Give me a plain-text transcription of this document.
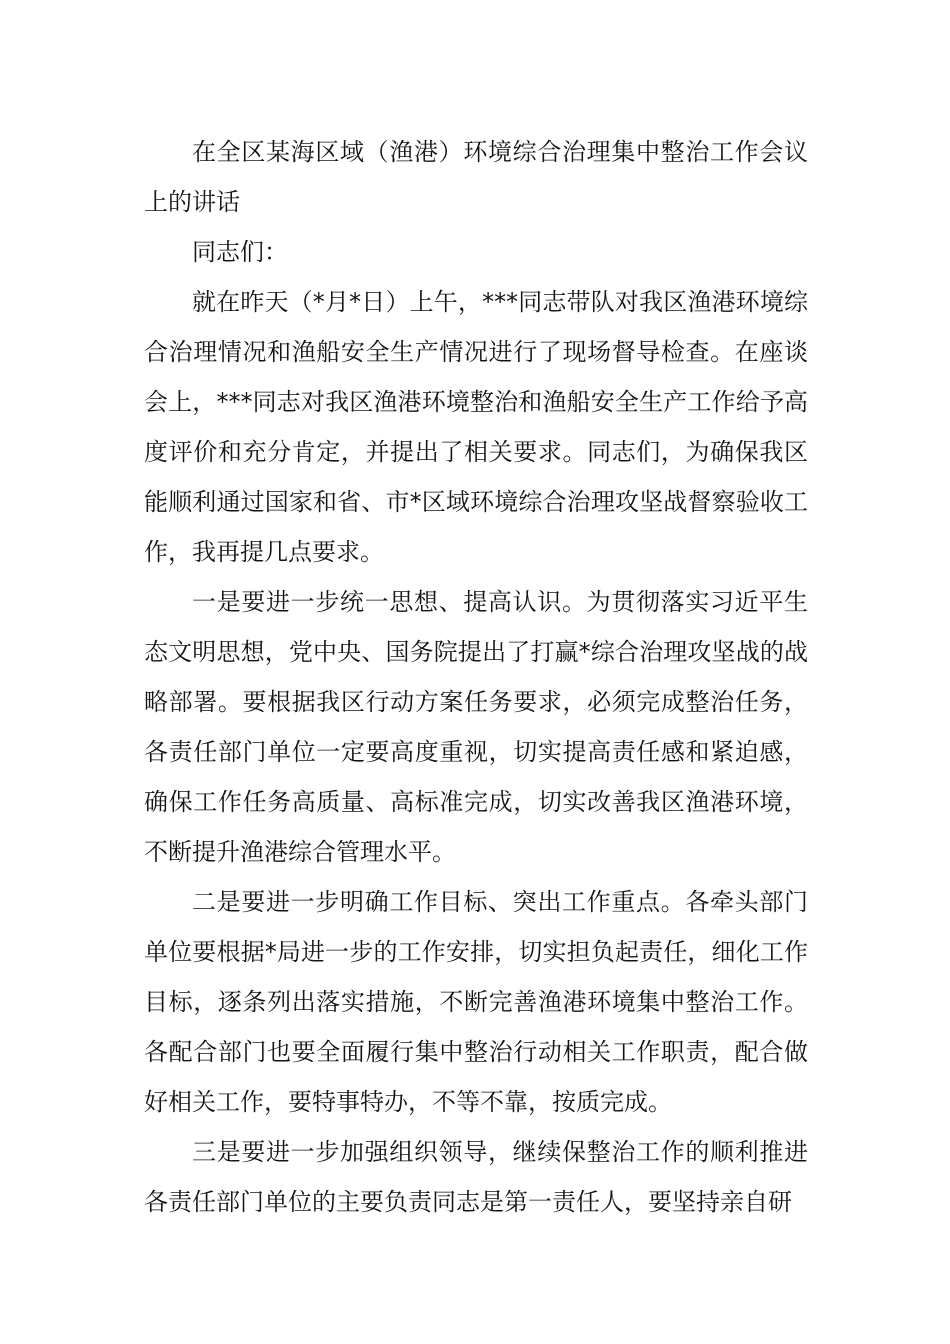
在全区某海区域（渔港）环境综合治理集中整治工作会议上的讲话

同志们：

就在昨天（*月*日）上午，***同志带队对我区渔港环境综合治理情况和渔船安全生产情况进行了现场督导检查。在座谈会上，***同志对我区渔港环境整治和渔船安全生产工作给予高度评价和充分肯定，并提出了相关要求。同志们，为确保我区能顺利通过国家和省、市*区域环境综合治理攻坚战督察验收工作，我再提几点要求。

一是要进一步统一思想、提高认识。为贯彻落实习近平生态文明思想，党中央、国务院提出了打赢*综合治理攻坚战的战略部署。要根据我区行动方案任务要求，必须完成整治任务，各责任部门单位一定要高度重视，切实提高责任感和紧迫感，确保工作任务高质量、高标准完成，切实改善我区渔港环境，不断提升渔港综合管理水平。

二是要进一步明确工作目标、突出工作重点。各牵头部门单位要根据*局进一步的工作安排，切实担负起责任，细化工作目标，逐条列出落实措施，不断完善渔港环境集中整治工作。各配合部门也要全面履行集中整治行动相关工作职责，配合做好相关工作，要特事特办，不等不靠，按质完成。

三是要进一步加强组织领导，继续保整治工作的顺利推进各责任部门单位的主要负责同志是第一责任人，要坚持亲自研
